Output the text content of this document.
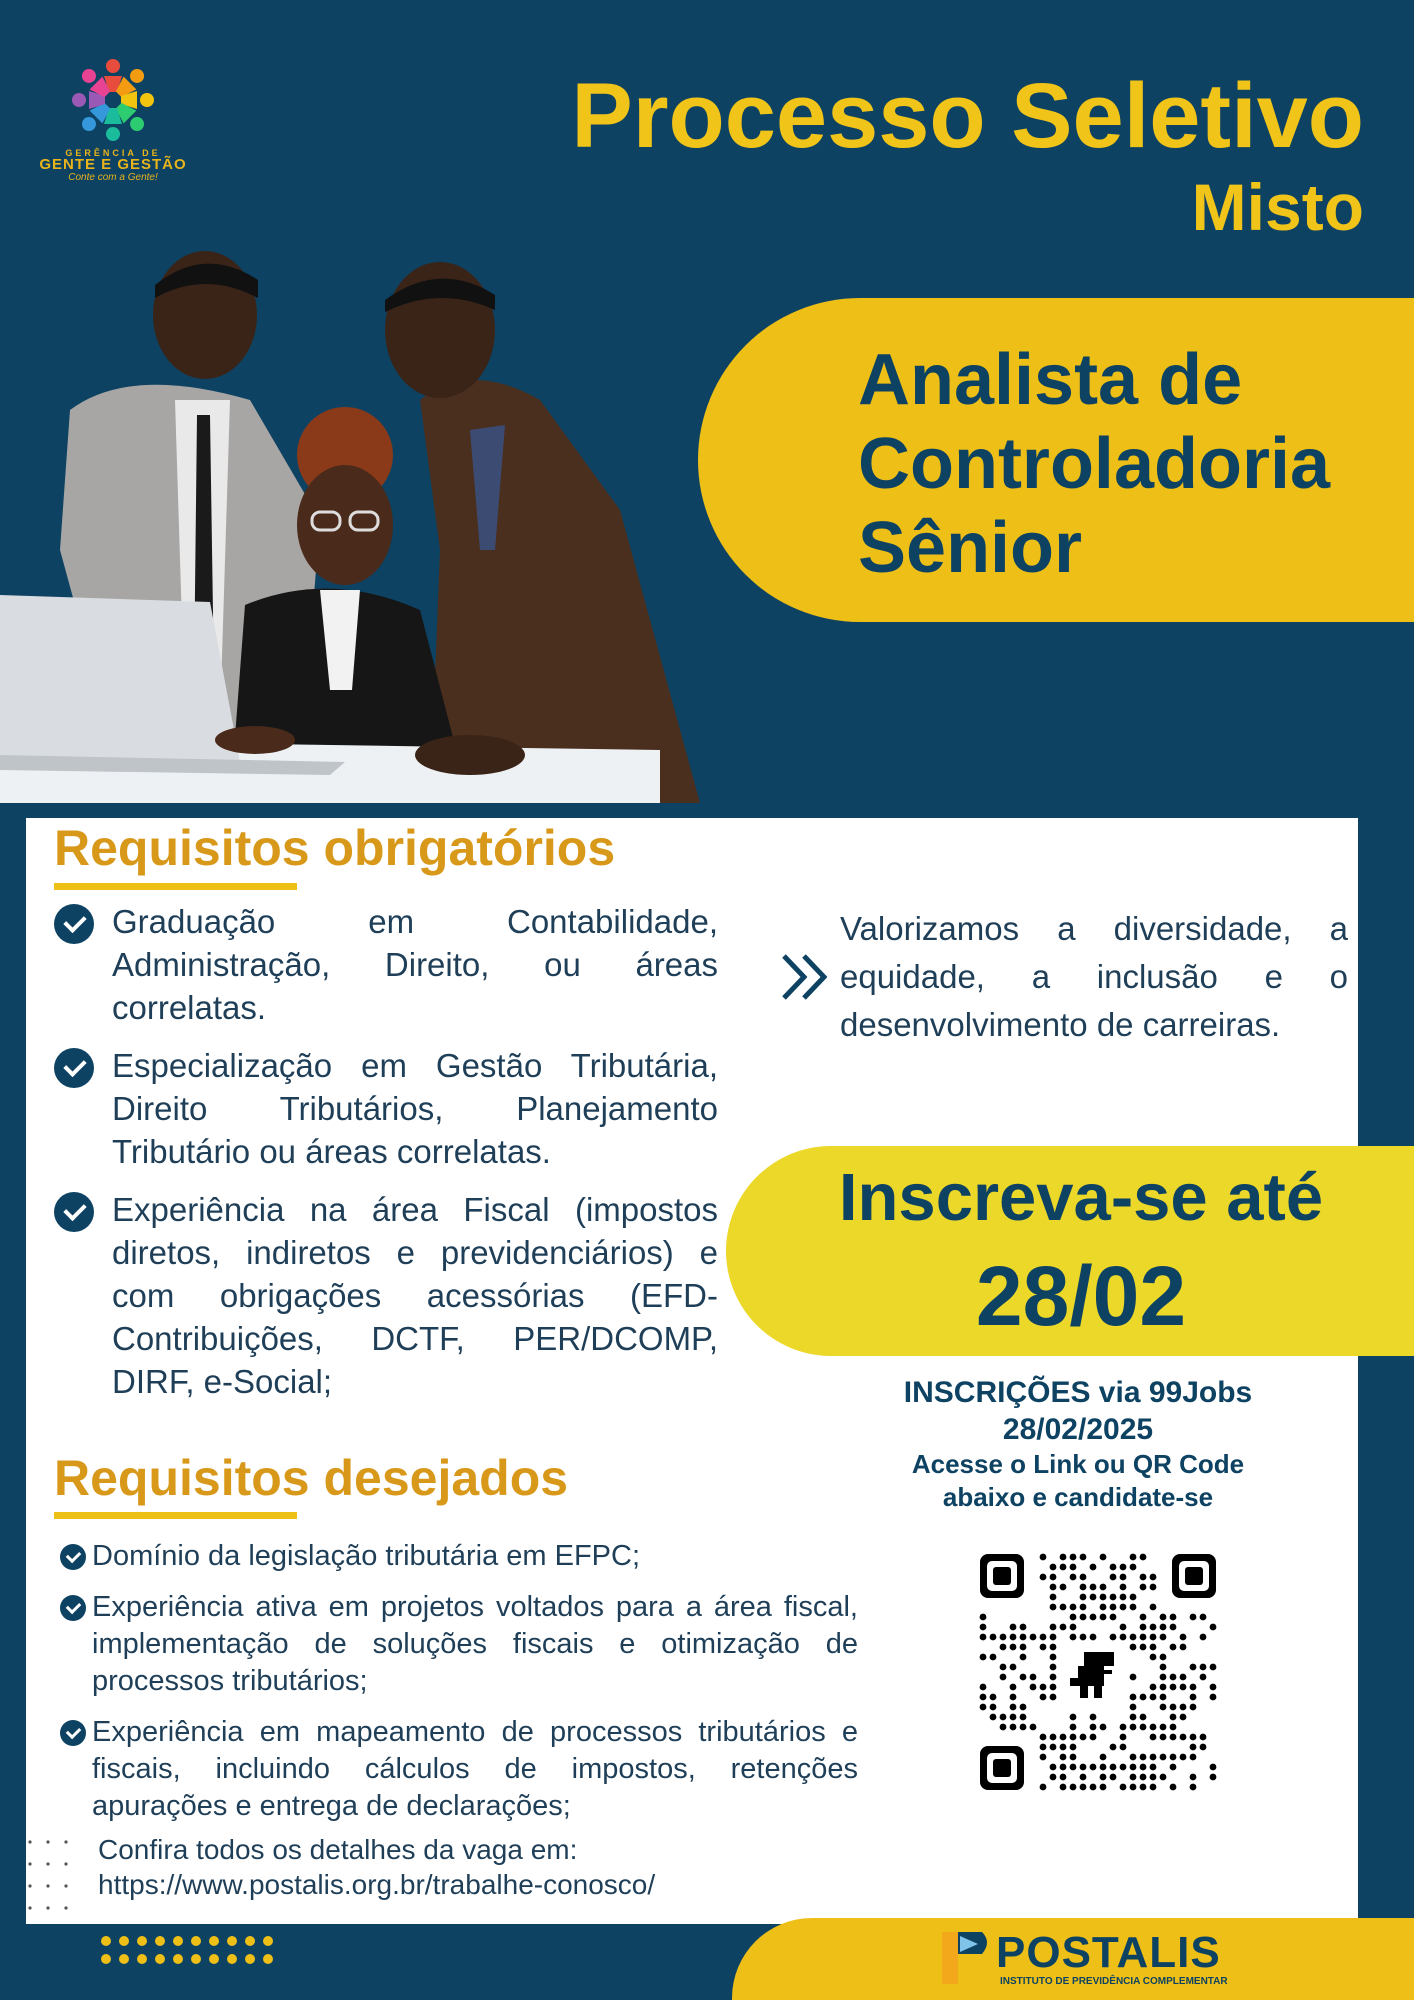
GERÊNCIA DE
GENTE E GESTÃO
Conte com a Gente!
Processo Seletivo
Misto
Analista de
Controladoria
Sênior
Requisitos obrigatórios
Graduação em Contabilidade, Administração, Direito, ou áreas correlatas.
Especialização em Gestão Tributária, Direito Tributários, Planejamento Tributário ou áreas correlatas.
Experiência na área Fiscal (impostos diretos, indiretos e previdenciários) e com obrigações acessórias (EFD-Contribuições, DCTF, PER/DCOMP, DIRF, e-Social;
Valorizamos a diversidade, a equidade, a inclusão e o desenvolvimento de carreiras.
Inscreva-se até
28/02
INSCRIÇÕES via 99Jobs
28/02/2025
Acesse o Link ou QR Code
abaixo e candidate-se
Requisitos desejados
Domínio da legislação tributária em EFPC;
Experiência ativa em projetos voltados para a área fiscal, implementação de soluções fiscais e otimização de processos tributários;
Experiência em mapeamento de processos tributários e fiscais, incluindo cálculos de impostos, retenções apurações e entrega de declarações;
Confira todos os detalhes da vaga em:
https://www.postalis.org.br/trabalhe-conosco/
POSTALIS
INSTITUTO DE PREVIDÊNCIA COMPLEMENTAR
